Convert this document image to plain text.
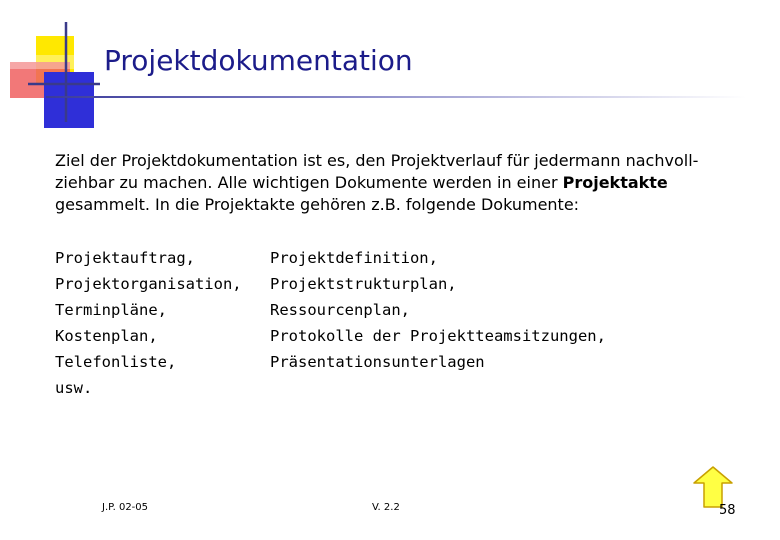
Projektdokumentation

Ziel der Projektdokumentation ist es, den Projektverlauf für jedermann nachvoll-

ziehbar zu machen. Alle wichtigen Dokumente werden in einer Projektakte

gesammelt. In die Projektakte gehören z.B. folgende Dokumente:

Projektauftrag,
Projektorganisation,
Terminpläne,
Kostenplan,
Telefonliste,
usw.
Projektdefinition,
Projektstrukturplan,
Ressourcenplan,
Protokolle der Projektteamsitzungen,
Präsentationsunterlagen
J.P. 02-05	V. 2.2	58
